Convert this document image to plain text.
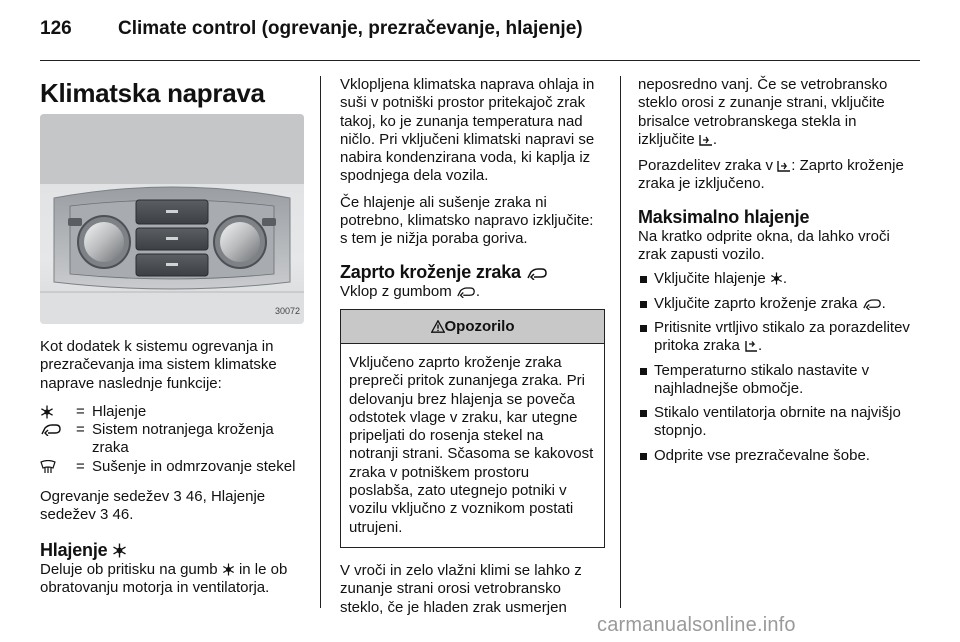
126 Climate control (ogrevanje, prezračevanje, hlajenje)
Klimatska naprava
30072

Kot dodatek k sistemu ogrevanja in prezračevanja ima sistem klimatske naprave naslednje funkcije:

= Hlajenje
= Sistem notranjega kroženja zraka
= Sušenje in odmrzovanje stekel

Ogrevanje sedežev 3 46, Hlajenje sedežev 3 46.

Hlajenje

Deluje ob pritisku na gumb in le ob obratovanju motorja in ventilatorja.

Vklopljena klimatska naprava ohlaja in suši v potniški prostor pritekajoč zrak takoj, ko je zunanja temperatura nad ničlo. Pri vključeni klimatski napravi se nabira kondenzirana voda, ki kaplja iz spodnjega dela vozila.

Če hlajenje ali sušenje zraka ni potrebno, klimatsko napravo izključite: s tem je nižja poraba goriva.

Zaprto kroženje zraka

Vklop z gumbom .

Opozorilo
Vključeno zaprto kroženje zraka prepreči pritok zunanjega zraka. Pri delovanju brez hlajenja se poveča odstotek vlage v zraku, kar utegne pripeljati do rosenja stekel na notranji strani. Sčasoma se kakovost zraka v potniškem prostoru poslabša, zato utegnejo potniki v vozilu vključno z voznikom postati utrujeni.

V vroči in zelo vlažni klimi se lahko z zunanje strani orosi vetrobransko steklo, če je hladen zrak usmerjen

neposredno vanj. Če se vetrobransko steklo orosi z zunanje strani, vključite brisalce vetrobranskega stekla in izključite .

Porazdelitev zraka v : Zaprto kroženje zraka je izključeno.

Maksimalno hlajenje

Na kratko odprite okna, da lahko vroči zrak zapusti vozilo.

Vključite hlajenje .
Vključite zaprto kroženje zraka .
Pritisnite vrtljivo stikalo za porazdelitev pritoka zraka .
Temperaturno stikalo nastavite v najhladnejše območje.
Stikalo ventilatorja obrnite na najvišjo stopnjo.
Odprite vse prezračevalne šobe.
carmanualsonline.info
